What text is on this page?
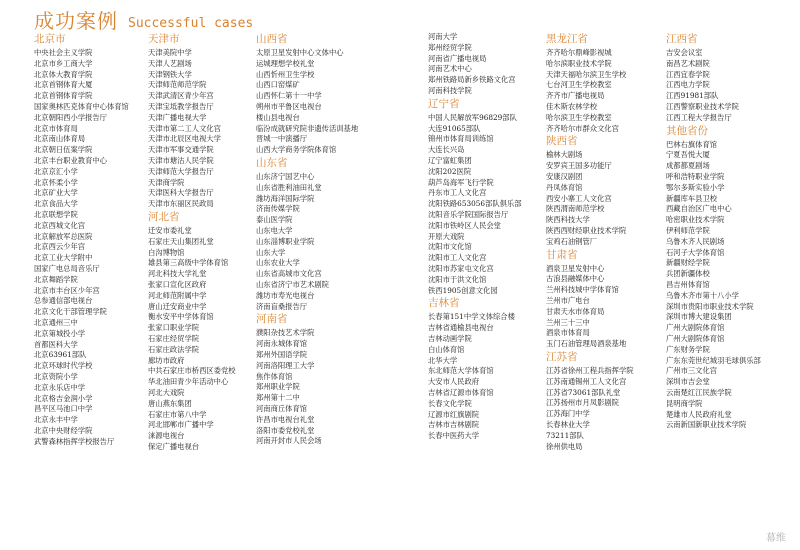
成功案例 Successful cases
北京市
中央社会主义学院
北京市乡工商大学
北京体大教育学院
北京首钢体育大厦
北京首钢体育学院
国家奥林匹克体育中心体育馆
北京朝阳西小学报告厅
北京市体育局
北京南山体育局
北京朝日伍案学院
北京丰台职业教育中心
北京京汇小学
北京怀柔小学
北京矿业大学
北京食品大学
北京联想学院
北京西城文化宫
北京解放军总医院
北京西云少年宫
北京工业大学附中
国家广电总局音乐厅
北京舞蹈学院
北京市丰台区少年宫
总参通信部电视台
北京文化干部管理学院
北京通州三中
北京第城投小学
首都医科大学
北京63961部队
北京环球时代学校
北京资院小学
北京永乐店中学
北京格吉金润小学
昌平区马池口中学
北京永丰中学
北京中央财经学院
武警森林指挥学校报告厅
天津市
天津美院中学
天津人艺剧场
天津钢铁大学
天津师范师范学院
天津武清区青少年宫
天津宝坻教学报告厅
天津广播电视大学
天津市第二工人文化宫
天津市北辰区电视大学
天津市军事交通学院
天津市塘沽人民学院
天津师范大学报告厅
天津商学院
天津医科大学报告厅
天津市东丽区民政局
河北省
迁安市委礼堂
石家庄天山集团礼堂
白沟博物馆
雄县第三高级中学体育馆
河北科技大学礼堂
张家口宣化区政府
河北师范附属中学
唐山迁安商业中学
衡水安平中学体育馆
张家口职业学院
石家庄经贸学院
石家庄政法学院
廊坊市政府
中共石家庄市桥西区委党校
华北油田青少年活动中心
河北大戏院
唐山燕东集团
石家庄市第八中学
河北邯郸市广播中学
涞源电视台
保定广播电视台
山西省
太原卫星发射中心文体中心
运城理想学校礼堂
山西忻州卫生学校
山西口窑煤矿
山西怀仁第十一中学
朔州市平鲁区电视台
楼山县电视台
临汾成就研究院非遗传活训基地
晋城一中演播厅
山西大学商务学院体育馆
山东省
山东济宁国艺中心
山东省胜利油田礼堂
潍坊海洋国际学院
济南传媒学院
泰山医学院
山东电大学
山东淄博职业学院
山东大学
山东农业大学
山东省高城市文化宫
山东省济宁市艺术剧院
潍坊市寿光电视台
济南盲桑报告厅
河南省
濮阳杂技艺术学院
河南永城体育馆
郑州外国语学院
河南洛阳理工大学
焦作体育馆
郑州职业学院
郑州第十二中
河南商丘体育馆
许昌市电视台礼堂
洛阳市委党校礼堂
河南开封市人民会场
河南大学
郑州经贸学院
河南省广播电视局
河南艺术中心
郑州铁路局新乡铁路文化宫
河南科技学院
辽宁省
中国人民解放军96829部队
大连91065部队
锦州市体育局训练馆
大连长兴岛
辽宁富虹集团
沈阳202医院
葫芦岛海军飞行学院
丹东市工人文化宫
沈阳铁路653056部队俱乐部
沈阳音乐学院国际报告厅
沈阳市铁岭区人民会堂
开原大戏院
沈阳市文化馆
沈阳市工人文化宫
沈阳市苏家屯文化宫
沈阳市于洪文化馆
铁西1905创意文化园
吉林省
长春第151中学文体综合楼
吉林省通榆县电视台
吉林动画学院
白山体育馆
北华大学
东北师范大学体育馆
大安市人民政府
吉林省辽源市体育馆
长春文化学院
辽源市红旗剧院
吉林市吉林剧院
长春中医药大学
黑龙江省
齐齐哈尔鼎峰影视城
哈尔滨职业技术学院
天津天福哈尔滨卫生学校
七台河卫生学校教室
齐齐市广播电视局
佳木斯农林学校
哈尔滨卫生学校教室
齐齐哈尔市群众文化宫
陕西省
榆林大剧场
安罗宾王国多功能厅
安康汉剧团
丹凤体育馆
西安小寨工人文化宫
陕西渭南师范学校
陕西科技大学
陕西西财经职业技术学院
宝鸡石油钢管厂
甘肃省
酒泉卫星发射中心
古浪县融媒体中心
兰州科技城中学体育馆
兰州市广电台
甘肃天水市体育局
兰州三十三中
酒泉市体育局
玉门石油管理局酒泉基地
江苏省
江苏省徐州工程兵指挥学院
江苏南通锡州工人文化宫
江苏省73061部队礼堂
江苏扬州市月凤影剧院
江苏海门中学
长春林业大学
73211部队
徐州供电局
江西省
吉安会议室
南昌艺术剧院
江西宜春学院
江西电力学院
江西91981部队
江西警察职业技术学院
江西工程大学报告厅
其他省份
巴林右旗体育馆
宁夏吾悦大厦
成都都夏剧场
呼和浩特职业学院
鄂尔多斯实验小学
新疆库车县卫校
西藏自治区广电中心
哈密职业技术学院
伊利师范学院
乌鲁木齐人民剧场
石河子大学体育馆
新疆财经学院
兵团新疆体校
昌吉州体育馆
乌鲁木齐市第十八小学
深圳市贵阳市职业技术学院
深圳市博大建设集团
广州大剧院体育馆
广州大剧院体育馆
广东财务学院
广东东莞世纪城羽毛球俱乐部
广州市三文化宫
深圳市吉会堂
云南楚红江民族学院
昆明商学院
楚雄市人民政府礼堂
云南新国新职业技术学院
幕维
